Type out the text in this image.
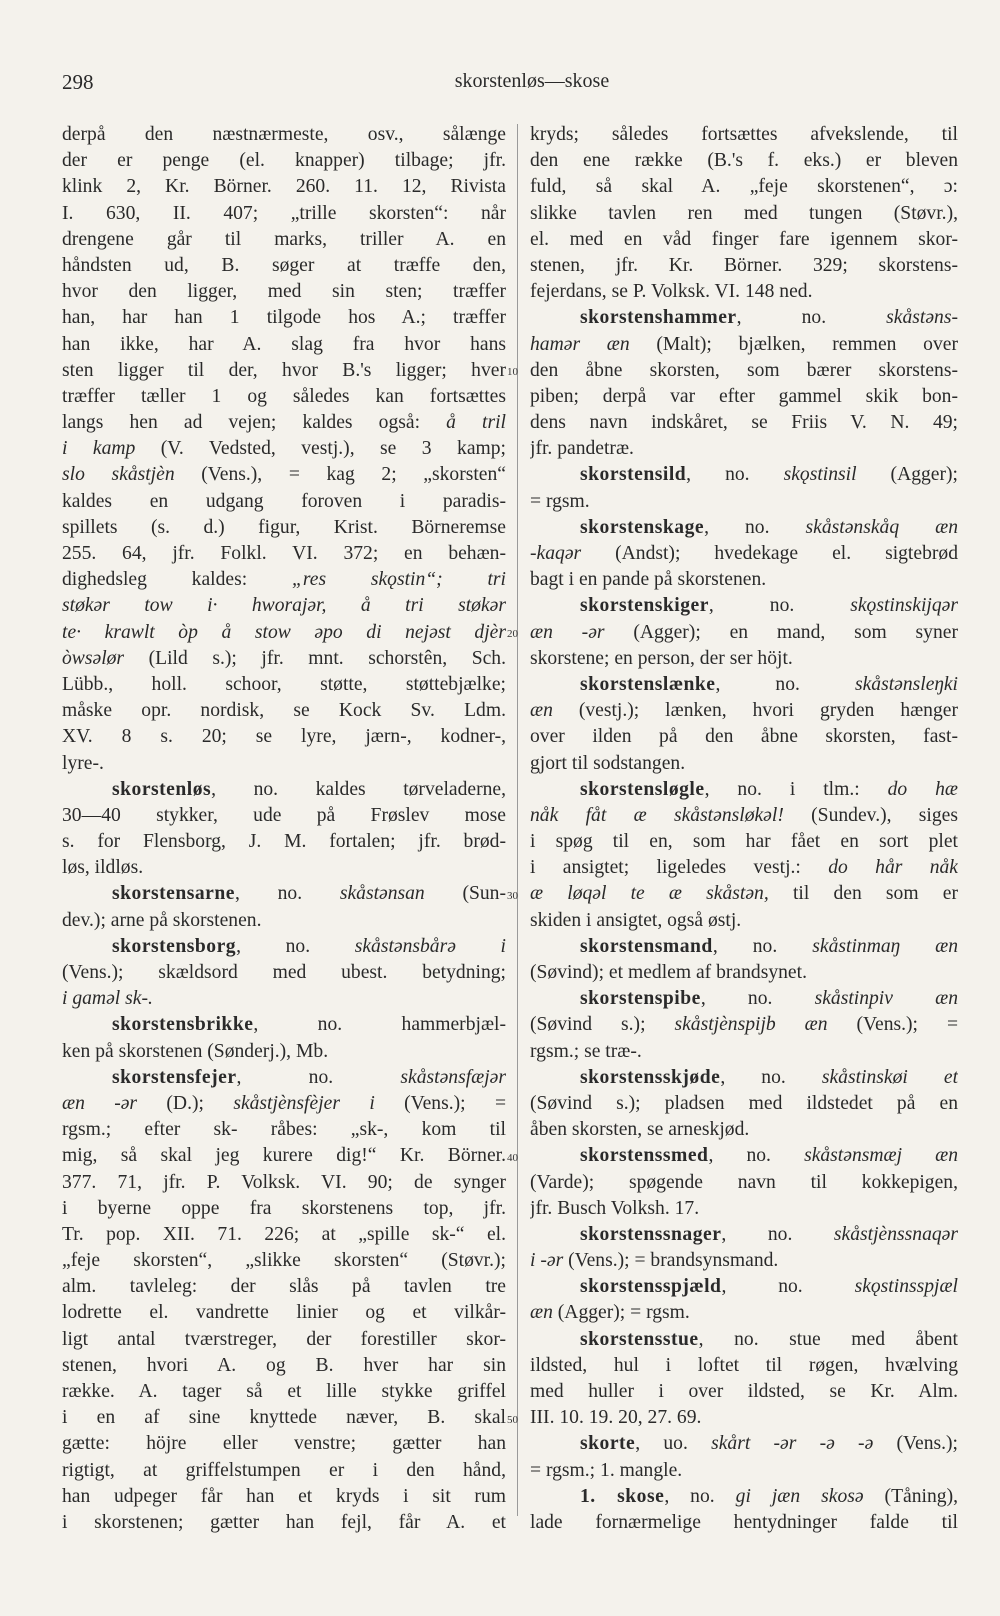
298	skorstenløs—skose
derpå den næstnærmeste, osv., sålænge
der er penge (el. knapper) tilbage; jfr.
klink 2, Kr. Börner. 260. 11. 12, Rivista
I. 630, II. 407; „trille skorsten“: når
drengene går til marks, triller A. en
håndsten ud, B. søger at træffe den,
hvor den ligger, med sin sten; træffer
han, har han 1 tilgode hos A.; træffer
han ikke, har A. slag fra hvor hans
sten ligger til der, hvor B.'s ligger; hver
træffer tæller 1 og således kan fortsættes
langs hen ad vejen; kaldes også: å tril
i kamp (V. Vedsted, vestj.), se 3 kamp;
slo skåstjèn (Vens.), = kag 2; „skorsten“
kaldes en udgang foroven i paradis-
spillets (s. d.) figur, Krist. Börneremse
255. 64, jfr. Folkl. VI. 372; en behæn-
dighedsleg kaldes: „res skǫstin“; tri
støkər tow i· hworajər, å tri støkər
te· krawlt òp å stow əpo di nejəst djèr
òwsəlør (Lild s.); jfr. mnt. schorstên, Sch.
Lübb., holl. schoor, støtte, støttebjælke;
måske opr. nordisk, se Kock Sv. Ldm.
XV. 8 s. 20; se lyre, jærn-, kodner-,
lyre-.
skorstenløs, no. kaldes tørveladerne,
30—40 stykker, ude på Frøslev mose
s. for Flensborg, J. M. fortalen; jfr. brød-
løs, ildløs.
skorstensarne, no. skåstənsan (Sun-
dev.); arne på skorstenen.
skorstensborg, no. skåstənsbårə i
(Vens.); skældsord med ubest. betydning;
i gaməl sk-.
skorstensbrikke, no. hammerbjæl-
ken på skorstenen (Sønderj.), Mb.
skorstensfejer, no. skåstənsfæjər
æn -ər (D.); skåstjènsfèjer i (Vens.); =
rgsm.; efter sk- råbes: „sk-, kom til
mig, så skal jeg kurere dig!“ Kr. Börner.
377. 71, jfr. P. Volksk. VI. 90; de synger
i byerne oppe fra skorstenens top, jfr.
Tr. pop. XII. 71. 226; at „spille sk-“ el.
„feje skorsten“, „slikke skorsten“ (Støvr.);
alm. tavleleg: der slås på tavlen tre
lodrette el. vandrette linier og et vilkår-
ligt antal tværstreger, der forestiller skor-
stenen, hvori A. og B. hver har sin
række. A. tager så et lille stykke griffel
i en af sine knyttede næver, B. skal
gætte: höjre eller venstre; gætter han
rigtigt, at griffelstumpen er i den hånd,
han udpeger får han et kryds i sit rum
i skorstenen; gætter han fejl, får A. et
10
20
30
40
50
kryds; således fortsættes afvekslende, til
den ene række (B.'s f. eks.) er bleven
fuld, så skal A. „feje skorstenen“, ɔ:
slikke tavlen ren med tungen (Støvr.),
el. med en våd finger fare igennem skor-
stenen, jfr. Kr. Börner. 329; skorstens-
fejerdans, se P. Volksk. VI. 148 ned.
skorstenshammer, no. skåstəns-
hamər æn (Malt); bjælken, remmen over
den åbne skorsten, som bærer skorstens-
piben; derpå var efter gammel skik bon-
dens navn indskåret, se Friis V. N. 49;
jfr. pandetræ.
skorstensild, no. skǫstinsil (Agger);
= rgsm.
skorstenskage, no. skåstənskåq æn
-kaqər (Andst); hvedekage el. sigtebrød
bagt i en pande på skorstenen.
skorstenskiger, no. skǫstinskijqər
æn -ər (Agger); en mand, som syner
skorstene; en person, der ser höjt.
skorstenslænke, no. skåstənsleŋki
æn (vestj.); lænken, hvori gryden hænger
over ilden på den åbne skorsten, fast-
gjort til sodstangen.
skorstensløgle, no. i tlm.: do hæ
nåk fåt æ skåstənsløkəl! (Sundev.), siges
i spøg til en, som har fået en sort plet
i ansigtet; ligeledes vestj.: do hår nåk
æ løqəl te æ skåstən, til den som er
skiden i ansigtet, også østj.
skorstensmand, no. skåstinmaŋ æn
(Søvind); et medlem af brandsynet.
skorstenspibe, no. skåstinpiv æn
(Søvind s.); skåstjènspijb æn (Vens.); =
rgsm.; se træ-.
skorstensskjøde, no. skåstinskøi et
(Søvind s.); pladsen med ildstedet på en
åben skorsten, se arneskjød.
skorstenssmed, no. skåstənsmæj æn
(Varde); spøgende navn til kokkepigen,
jfr. Busch Volksh. 17.
skorstenssnager, no. skåstjènssnaqər
i -ər (Vens.); = brandsynsmand.
skorstensspjæld, no. skǫstinsspjæl
æn (Agger); = rgsm.
skorstensstue, no. stue med åbent
ildsted, hul i loftet til røgen, hvælving
med huller i over ildsted, se Kr. Alm.
III. 10. 19. 20, 27. 69.
skorte, uo. skårt -ər -ə -ə (Vens.);
= rgsm.; 1. mangle.
1. skose, no. gi jæn skosə (Tåning),
lade fornærmelige hentydninger falde til
